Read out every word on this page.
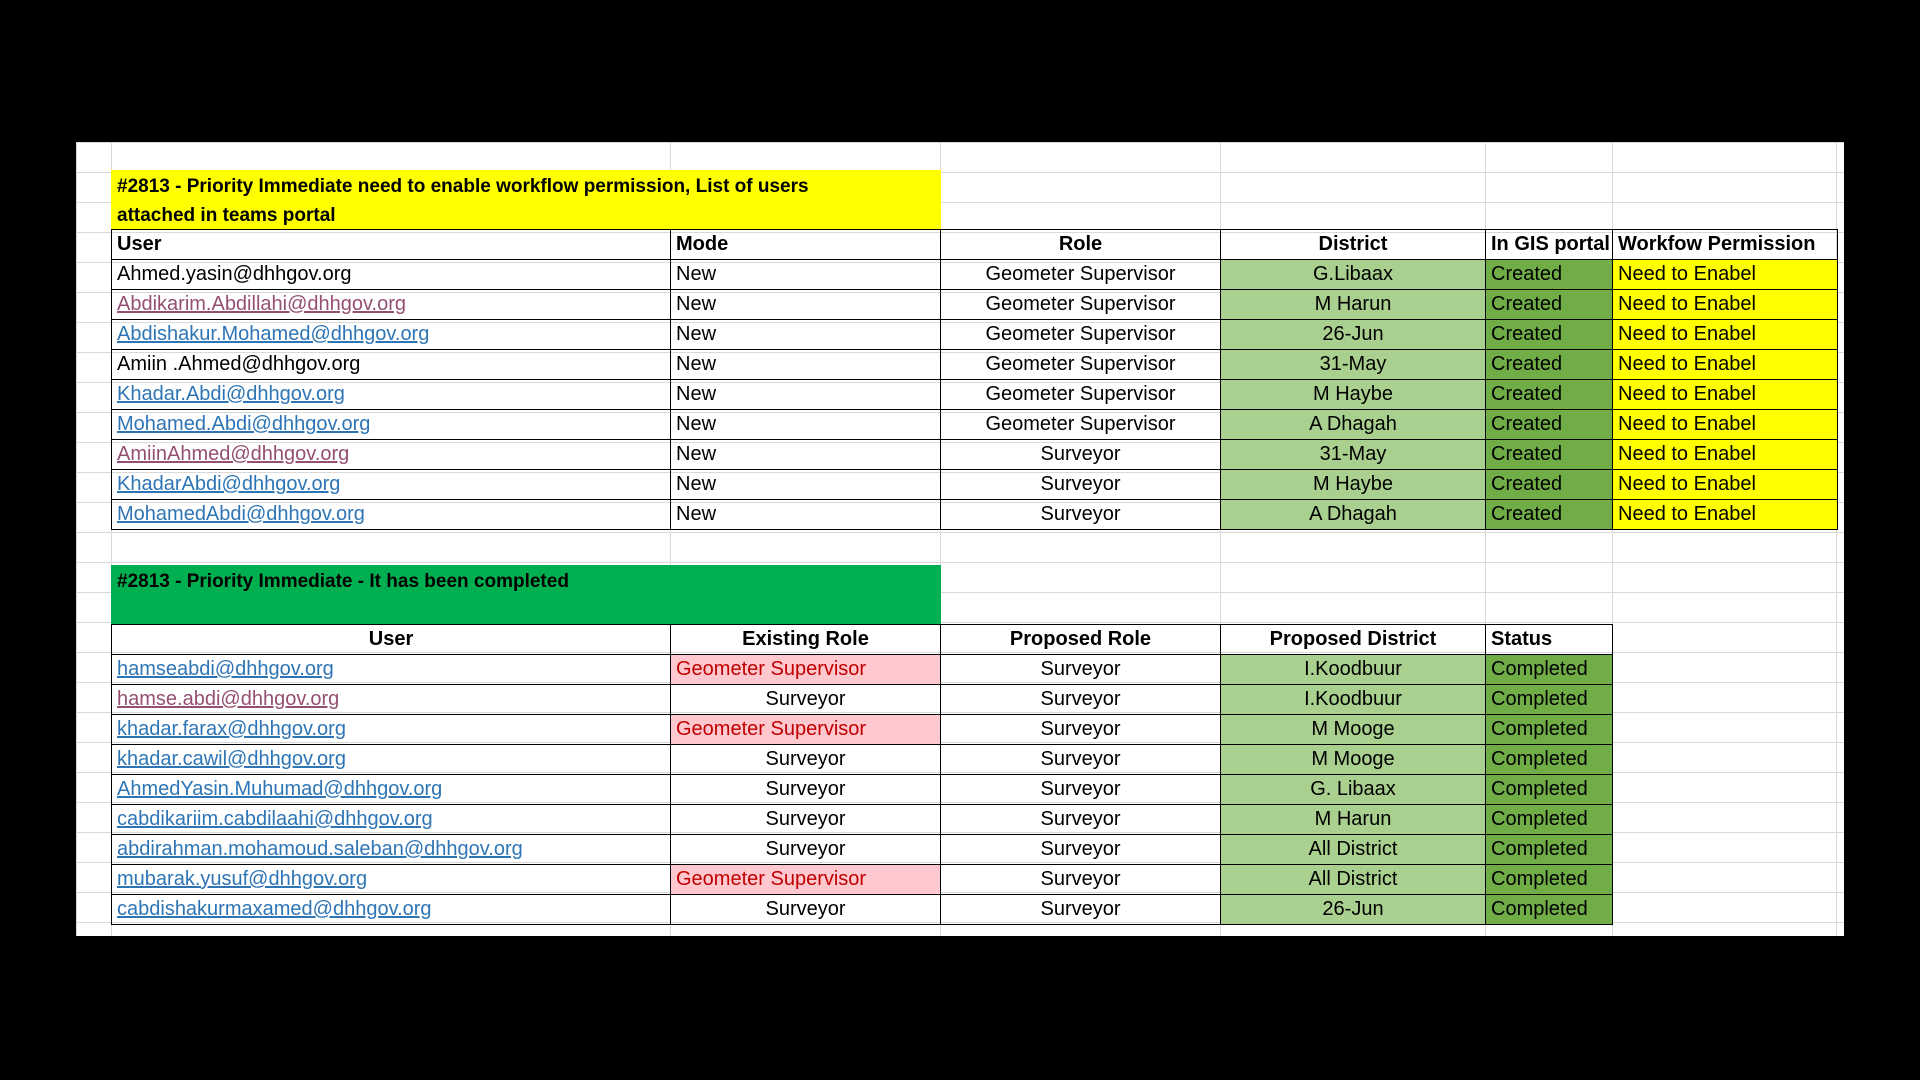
#2813 - Priority Immediate need to enable workflow permission, List of users
attached in teams portal
User	Mode	Role	District	In GIS portal	Workfow Permission
Ahmed.yasin@dhhgov.org	New	Geometer Supervisor	G.Libaax	Created	Need to Enabel
Abdikarim.Abdillahi@dhhgov.org	New	Geometer Supervisor	M Harun	Created	Need to Enabel
Abdishakur.Mohamed@dhhgov.org	New	Geometer Supervisor	26-Jun	Created	Need to Enabel
Amiin .Ahmed@dhhgov.org	New	Geometer Supervisor	31-May	Created	Need to Enabel
Khadar.Abdi@dhhgov.org	New	Geometer Supervisor	M Haybe	Created	Need to Enabel
Mohamed.Abdi@dhhgov.org	New	Geometer Supervisor	A Dhagah	Created	Need to Enabel
AmiinAhmed@dhhgov.org	New	Surveyor	31-May	Created	Need to Enabel
KhadarAbdi@dhhgov.org	New	Surveyor	M Haybe	Created	Need to Enabel
MohamedAbdi@dhhgov.org	New	Surveyor	A Dhagah	Created	Need to Enabel
#2813 - Priority Immediate - It has been completed
User	Existing Role	Proposed Role	Proposed District	Status
hamseabdi@dhhgov.org	Geometer Supervisor	Surveyor	I.Koodbuur	Completed
hamse.abdi@dhhgov.org	Surveyor	Surveyor	I.Koodbuur	Completed
khadar.farax@dhhgov.org	Geometer Supervisor	Surveyor	M Mooge	Completed
khadar.cawil@dhhgov.org	Surveyor	Surveyor	M Mooge	Completed
AhmedYasin.Muhumad@dhhgov.org	Surveyor	Surveyor	G. Libaax	Completed
cabdikariim.cabdilaahi@dhhgov.org	Surveyor	Surveyor	M Harun	Completed
abdirahman.mohamoud.saleban@dhhgov.org	Surveyor	Surveyor	All District	Completed
mubarak.yusuf@dhhgov.org	Geometer Supervisor	Surveyor	All District	Completed
cabdishakurmaxamed@dhhgov.org	Surveyor	Surveyor	26-Jun	Completed
